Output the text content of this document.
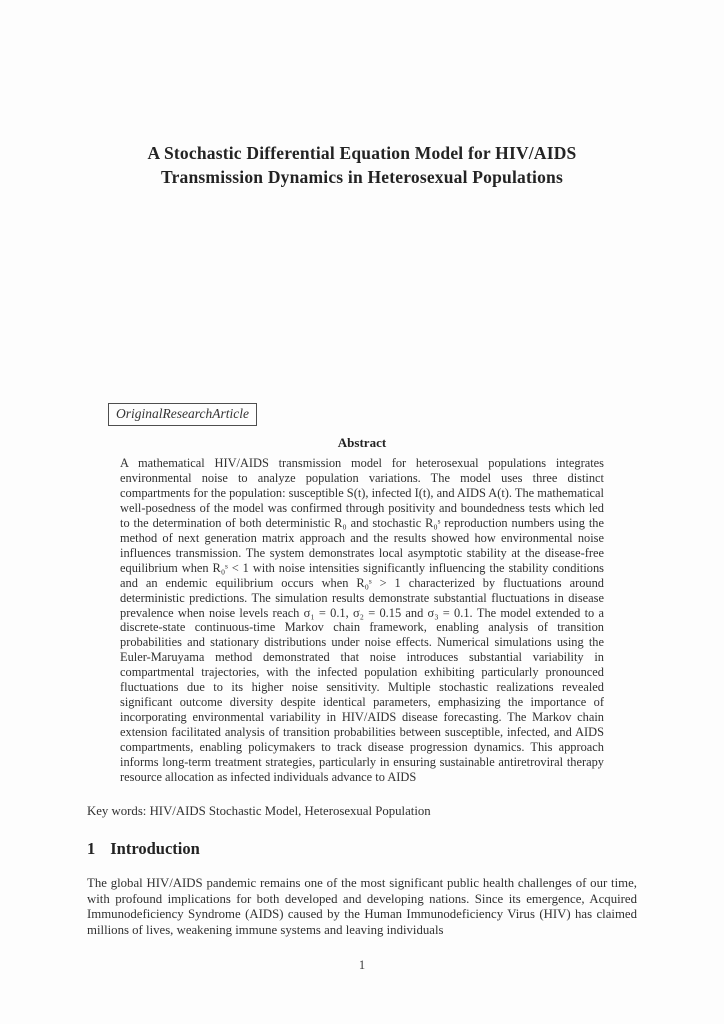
A Stochastic Differential Equation Model for HIV/AIDS
Transmission Dynamics in Heterosexual Populations
OriginalResearchArticle
Abstract
A mathematical HIV/AIDS transmission model for heterosexual populations integrates environmental noise to analyze population variations. The model uses three distinct compartments for the population: susceptible S(t), infected I(t), and AIDS A(t). The mathematical well-posedness of the model was confirmed through positivity and boundedness tests which led to the determination of both deterministic R₀ and stochastic R₀ˢ reproduction numbers using the method of next generation matrix approach and the results showed how environmental noise influences transmission. The system demonstrates local asymptotic stability at the disease-free equilibrium when R₀ˢ < 1 with noise intensities significantly influencing the stability conditions and an endemic equilibrium occurs when R₀ˢ > 1 characterized by fluctuations around deterministic predictions. The simulation results demonstrate substantial fluctuations in disease prevalence when noise levels reach σ₁ = 0.1, σ₂ = 0.15 and σ₃ = 0.1. The model extended to a discrete-state continuous-time Markov chain framework, enabling analysis of transition probabilities and stationary distributions under noise effects. Numerical simulations using the Euler-Maruyama method demonstrated that noise introduces substantial variability in compartmental trajectories, with the infected population exhibiting particularly pronounced fluctuations due to its higher noise sensitivity. Multiple stochastic realizations revealed significant outcome diversity despite identical parameters, emphasizing the importance of incorporating environmental variability in HIV/AIDS disease forecasting. The Markov chain extension facilitated analysis of transition probabilities between susceptible, infected, and AIDS compartments, enabling policymakers to track disease progression dynamics. This approach informs long-term treatment strategies, particularly in ensuring sustainable antiretroviral therapy resource allocation as infected individuals advance to AIDS
Key words: HIV/AIDS Stochastic Model, Heterosexual Population
1 Introduction
The global HIV/AIDS pandemic remains one of the most significant public health challenges of our time, with profound implications for both developed and developing nations. Since its emergence, Acquired Immunodeficiency Syndrome (AIDS) caused by the Human Immunodeficiency Virus (HIV) has claimed millions of lives, weakening immune systems and leaving individuals
1
